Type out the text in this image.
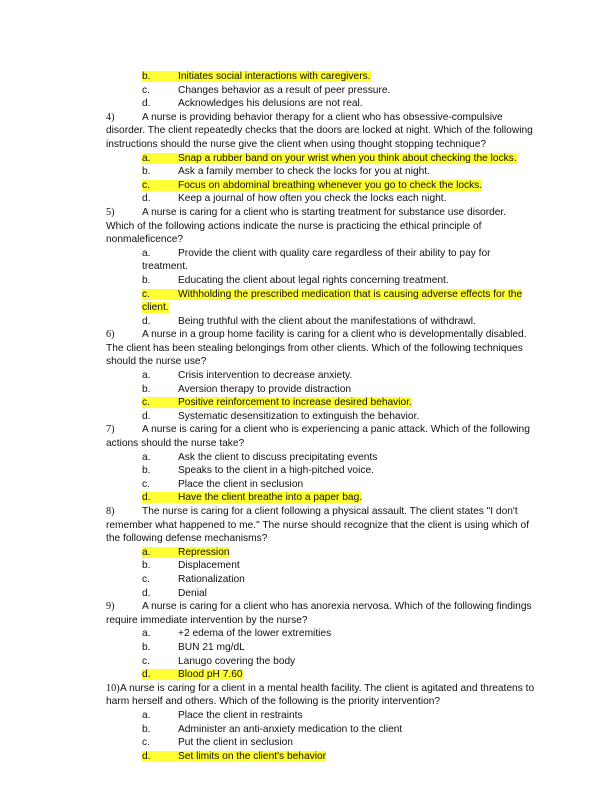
b.	Initiates social interactions with caregivers.
c.	Changes behavior as a result of peer pressure.
d.	Acknowledges his delusions are not real.

4)	A nurse is providing behavior therapy for a client who has obsessive-compulsive disorder. The client repeatedly checks that the doors are locked at night. Which of the following instructions should the nurse give the client when using thought stopping technique?

a.	Snap a rubber band on your wrist when you think about checking the locks.
b.	Ask a family member to check the locks for you at night.
c.	Focus on abdominal breathing whenever you go to check the locks.
d.	Keep a journal of how often you check the locks each night.

5)	A nurse is caring for a client who is starting treatment for substance use disorder. Which of the following actions indicate the nurse is practicing the ethical principle of nonmaleficence?

a.	Provide the client with quality care regardless of their ability to pay for treatment.
b.	Educating the client about legal rights concerning treatment.
c.	Withholding the prescribed medication that is causing adverse effects for the client.
d.	Being truthful with the client about the manifestations of withdrawl.

6)	A nurse in a group home facility is caring for a client who is developmentally disabled. The client has been stealing belongings from other clients. Which of the following techniques should the nurse use?

a.	Crisis intervention to decrease anxiety.
b.	Aversion therapy to provide distraction
c.	Positive reinforcement to increase desired behavior.
d.	Systematic desensitization to extinguish the behavior.

7)	A nurse is caring for a client who is experiencing a panic attack. Which of the following actions should the nurse take?

a.	Ask the client to discuss precipitating events
b.	Speaks to the client in a high-pitched voice.
c.	Place the client in seclusion
d.	Have the client breathe into a paper bag.

8)	The nurse is caring for a client following a physical assault. The client states "I don't remember what happened to me." The nurse should recognize that the client is using which of the following defense mechanisms?

a.	Repression
b.	Displacement
c.	Rationalization
d.	Denial

9)	A nurse is caring for a client who has anorexia nervosa. Which of the following findings require immediate intervention by the nurse?

a.	+2 edema of the lower extremities
b.	BUN 21 mg/dL
c.	Lanugo covering the body
d.	Blood pH 7.60

10)A nurse is caring for a client in a mental health facility. The client is agitated and threatens to harm herself and others. Which of the following is the priority intervention?

a.	Place the client in restraints
b.	Administer an anti-anxiety medication to the client
c.	Put the client in seclusion
d.	Set limits on the client's behavior
